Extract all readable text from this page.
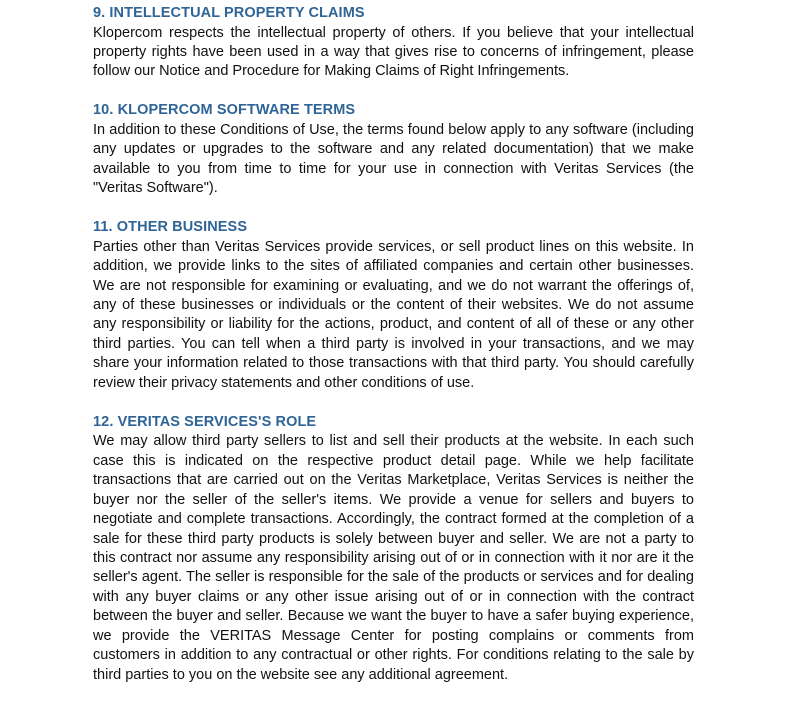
9. INTELLECTUAL PROPERTY CLAIMS

Klopercom respects the intellectual property of others. If you believe that your intellectual property rights have been used in a way that gives rise to concerns of infringement, please follow our Notice and Procedure for Making Claims of Right Infringements.

10. KLOPERCOM SOFTWARE TERMS

In addition to these Conditions of Use, the terms found below apply to any software (including any updates or upgrades to the software and any related documentation) that we make available to you from time to time for your use in connection with Veritas Services (the "Veritas Software").

11. OTHER BUSINESS

Parties other than Veritas Services provide services, or sell product lines on this website. In addition, we provide links to the sites of affiliated companies and certain other businesses. We are not responsible for examining or evaluating, and we do not warrant the offerings of, any of these businesses or individuals or the content of their websites. We do not assume any responsibility or liability for the actions, product, and content of all of these or any other third parties. You can tell when a third party is involved in your transactions, and we may share your information related to those transactions with that third party. You should carefully review their privacy statements and other conditions of use.

12. VERITAS SERVICES'S ROLE

We may allow third party sellers to list and sell their products at the website. In each such case this is indicated on the respective product detail page. While we help facilitate transactions that are carried out on the Veritas Marketplace, Veritas Services is neither the buyer nor the seller of the seller's items. We provide a venue for sellers and buyers to negotiate and complete transactions. Accordingly, the contract formed at the completion of a sale for these third party products is solely between buyer and seller. We are not a party to this contract nor assume any responsibility arising out of or in connection with it nor are it the seller's agent. The seller is responsible for the sale of the products or services and for dealing with any buyer claims or any other issue arising out of or in connection with the contract between the buyer and seller. Because we want the buyer to have a safer buying experience, we provide the VERITAS Message Center for posting complains or comments from customers in addition to any contractual or other rights. For conditions relating to the sale by third parties to you on the website see any additional agreement.
